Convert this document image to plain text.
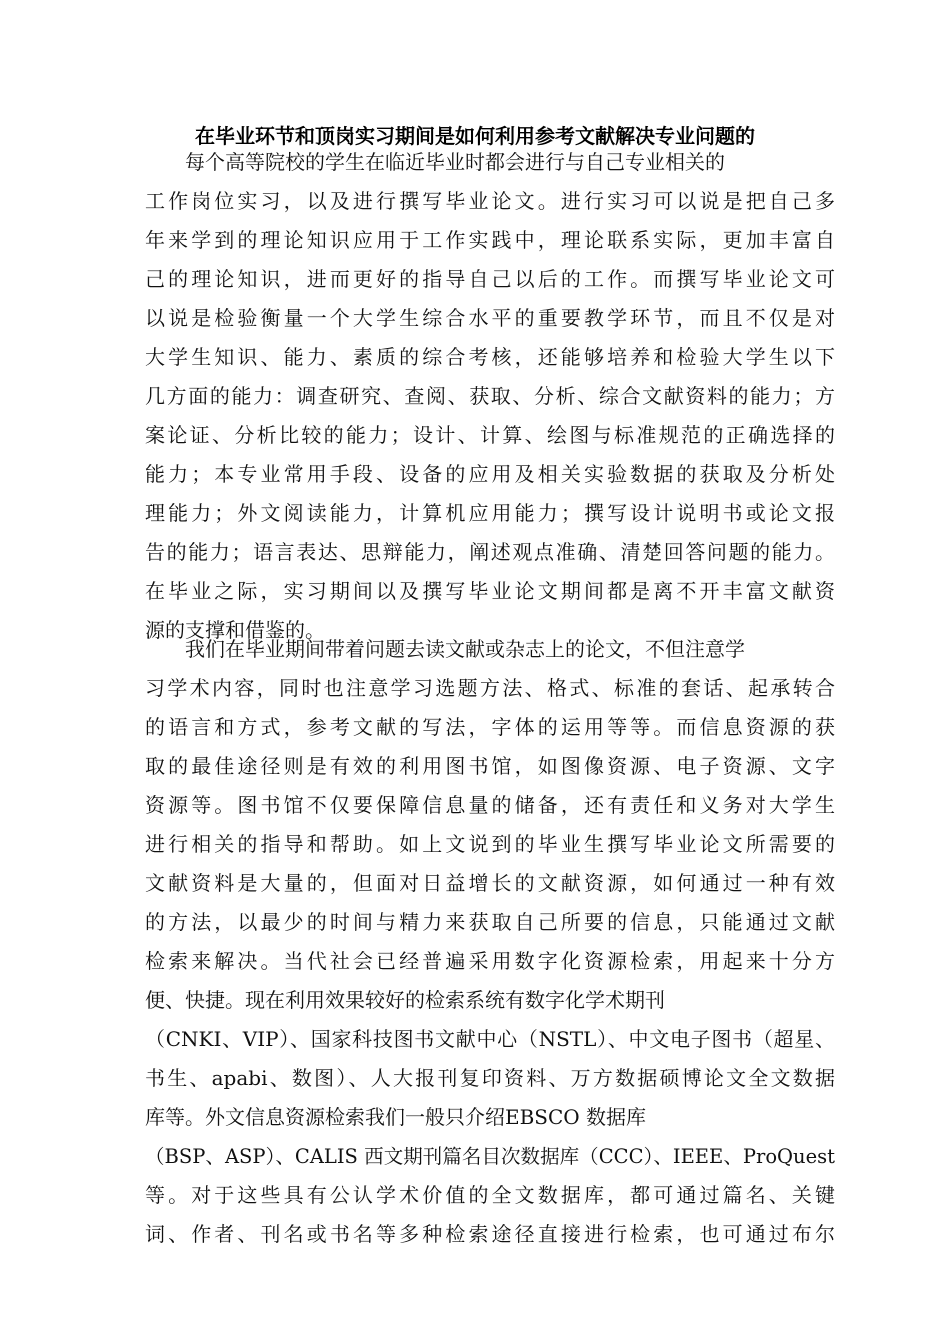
在毕业环节和顶岗实习期间是如何利用参考文献解决专业问题的
每个高等院校的学生在临近毕业时都会进行与自己专业相关的
工作岗位实习，以及进行撰写毕业论文。进行实习可以说是把自己多
年来学到的理论知识应用于工作实践中，理论联系实际，更加丰富自
己的理论知识，进而更好的指导自己以后的工作。而撰写毕业论文可
以说是检验衡量一个大学生综合水平的重要教学环节，而且不仅是对
大学生知识、能力、素质的综合考核，还能够培养和检验大学生以下
几方面的能力：调查研究、查阅、获取、分析、综合文献资料的能力；方
案论证、分析比较的能力；设计、计算、绘图与标准规范的正确选择的
能力；本专业常用手段、设备的应用及相关实验数据的获取及分析处
理能力；外文阅读能力，计算机应用能力；撰写设计说明书或论文报
告的能力；语言表达、思辩能力，阐述观点准确、清楚回答问题的能力。
在毕业之际，实习期间以及撰写毕业论文期间都是离不开丰富文献资
源的支撑和借鉴的。
我们在毕业期间带着问题去读文献或杂志上的论文，不但注意学
习学术内容，同时也注意学习选题方法、格式、标准的套话、起承转合
的语言和方式，参考文献的写法，字体的运用等等。而信息资源的获
取的最佳途径则是有效的利用图书馆，如图像资源、电子资源、文字
资源等。图书馆不仅要保障信息量的储备，还有责任和义务对大学生
进行相关的指导和帮助。如上文说到的毕业生撰写毕业论文所需要的
文献资料是大量的，但面对日益增长的文献资源，如何通过一种有效
的方法，以最少的时间与精力来获取自己所要的信息，只能通过文献
检索来解决。当代社会已经普遍采用数字化资源检索，用起来十分方
便、快捷。现在利用效果较好的检索系统有数字化学术期刊
（CNKI、VIP）、国家科技图书文献中心（NSTL）、中文电子图书（超星、
书生、apabi、数图）、人大报刊复印资料、万方数据硕博论文全文数据
库等。外文信息资源检索我们一般只介绍EBSCO 数据库
（BSP、ASP）、CALIS 西文期刊篇名目次数据库（CCC）、IEEE、ProQuest
等。对于这些具有公认学术价值的全文数据库，都可通过篇名、关键
词、作者、刊名或书名等多种检索途径直接进行检索，也可通过布尔
